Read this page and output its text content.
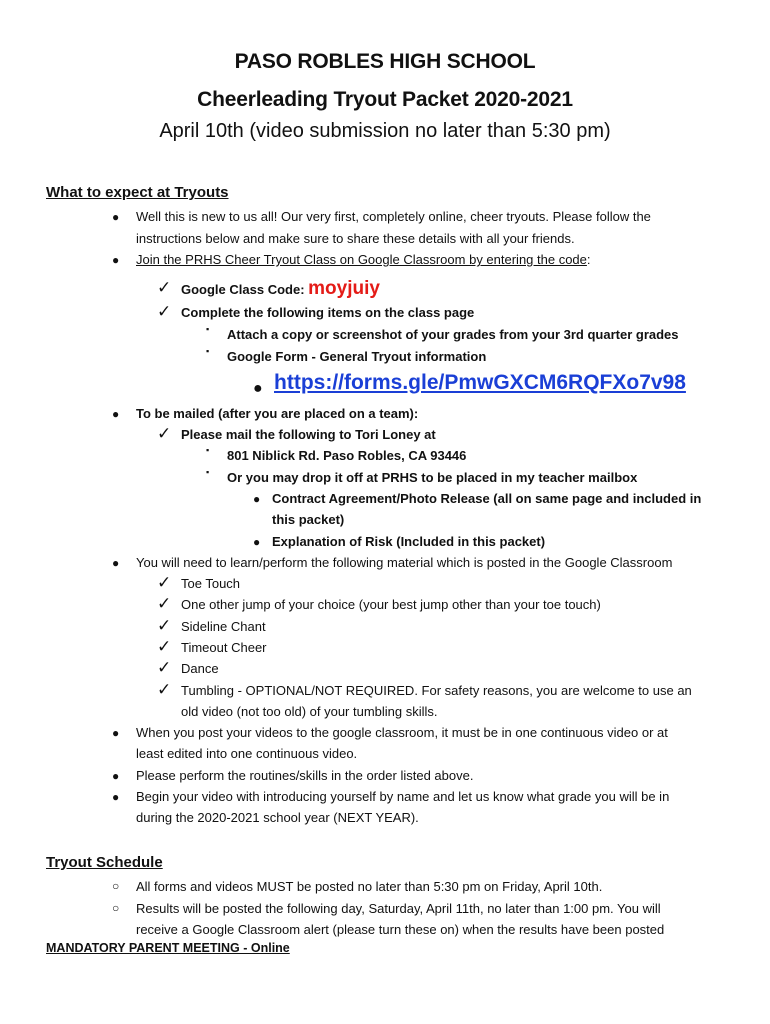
PASO ROBLES HIGH SCHOOL
Cheerleading Tryout Packet 2020-2021
April 10th (video submission no later than 5:30 pm)
What to expect at Tryouts
● Well this is new to us all! Our very first, completely online, cheer tryouts. Please follow the
instructions below and make sure to share these details with all your friends.
● Join the PRHS Cheer Tryout Class on Google Classroom by entering the code:
✓ Google Class Code: moyjuiy
✓ Complete the following items on the class page
▪ Attach a copy or screenshot of your grades from your 3rd quarter grades
▪ Google Form - General Tryout information
● https://forms.gle/PmwGXCM6RQFXo7v98
● To be mailed (after you are placed on a team):
✓ Please mail the following to Tori Loney at
▪ 801 Niblick Rd. Paso Robles, CA 93446
▪ Or you may drop it off at PRHS to be placed in my teacher mailbox
● Contract Agreement/Photo Release (all on same page and included in
this packet)
● Explanation of Risk (Included in this packet)
● You will need to learn/perform the following material which is posted in the Google Classroom
✓ Toe Touch
✓ One other jump of your choice (your best jump other than your toe touch)
✓ Sideline Chant
✓ Timeout Cheer
✓ Dance
✓ Tumbling - OPTIONAL/NOT REQUIRED. For safety reasons, you are welcome to use an
old video (not too old) of your tumbling skills.
● When you post your videos to the google classroom, it must be in one continuous video or at
least edited into one continuous video.
● Please perform the routines/skills in the order listed above.
● Begin your video with introducing yourself by name and let us know what grade you will be in
during the 2020-2021 school year (NEXT YEAR).
Tryout Schedule
○ All forms and videos MUST be posted no later than 5:30 pm on Friday, April 10th.
○ Results will be posted the following day, Saturday, April 11th, no later than 1:00 pm. You will
receive a Google Classroom alert (please turn these on) when the results have been posted
MANDATORY PARENT MEETING - Online
